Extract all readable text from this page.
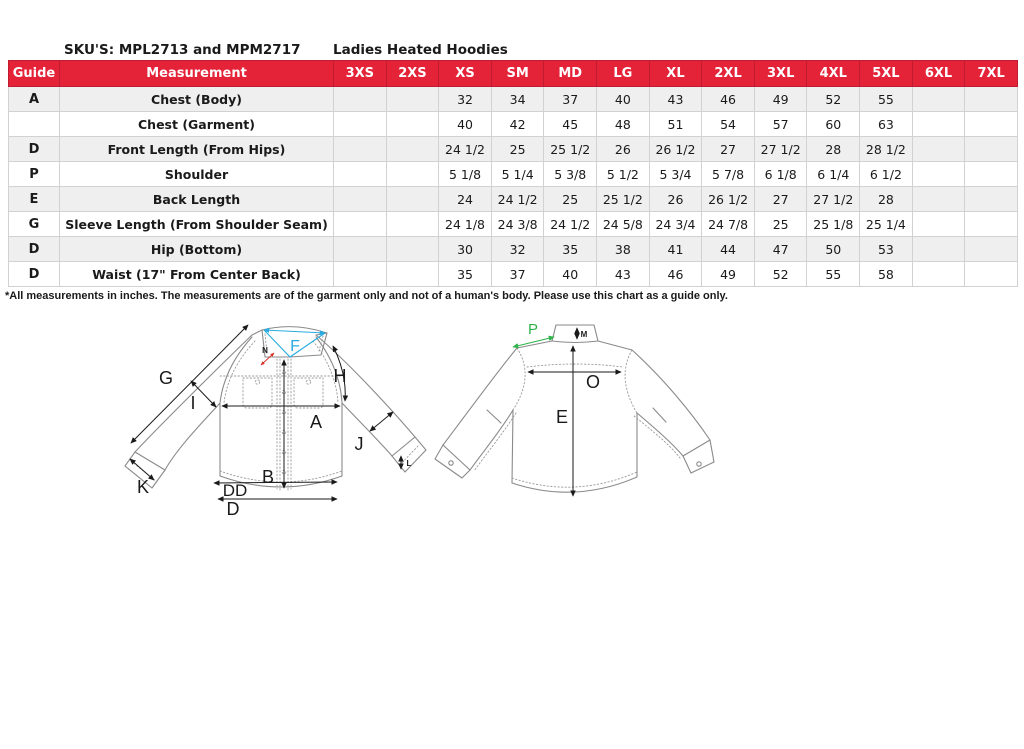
SKU'S: MPL2713 and MPM2717 Ladies Heated Hoodies
Guide	Measurement	3XS	2XS	XS	SM	MD	LG	XL	2XL	3XL	4XL	5XL	6XL	7XL
A	Chest (Body)			32	34	37	40	43	46	49	52	55		
	Chest (Garment)			40	42	45	48	51	54	57	60	63		
D	Front Length (From Hips)			24 1/2	25	25 1/2	26	26 1/2	27	27 1/2	28	28 1/2		
P	Shoulder			5 1/8	5 1/4	5 3/8	5 1/2	5 3/4	5 7/8	6 1/8	6 1/4	6 1/2		
E	Back Length			24	24 1/2	25	25 1/2	26	26 1/2	27	27 1/2	28		
G	Sleeve Length (From Shoulder Seam)			24 1/8	24 3/8	24 1/2	24 5/8	24 3/4	24 7/8	25	25 1/8	25 1/4		
D	Hip (Bottom)			30	32	35	38	41	44	47	50	53		
D	Waist (17" From Center Back)			35	37	40	43	46	49	52	55	58		
*All measurements in inches. The measurements are of the garment only and not of a human's body. Please use this chart as a guide only.
F
N
G
I
K
H
A
J
B
DD
D
L
P	M
O
E
